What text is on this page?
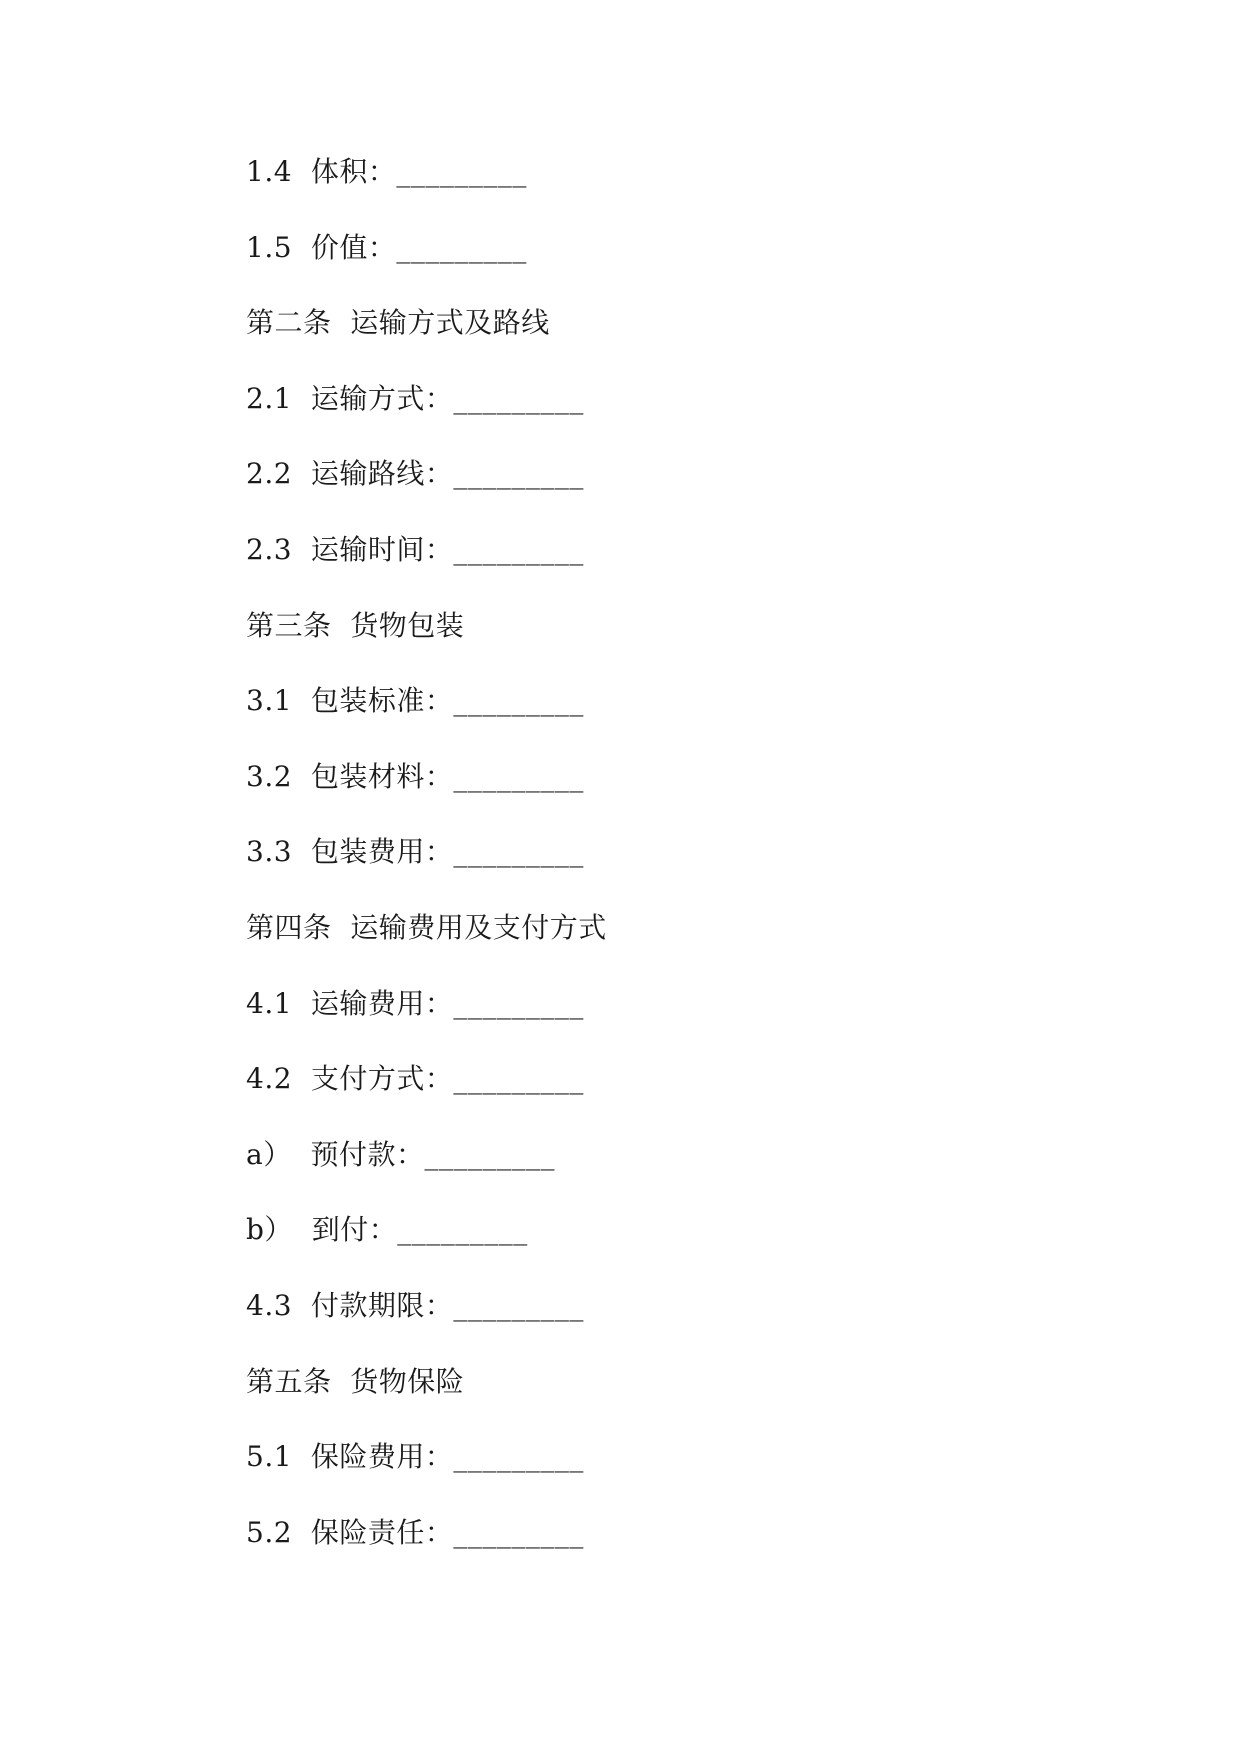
1.4  体积：_________
1.5  价值：_________
第二条  运输方式及路线
2.1  运输方式：_________
2.2  运输路线：_________
2.3  运输时间：_________
第三条  货物包装
3.1  包装标准：_________
3.2  包装材料：_________
3.3  包装费用：_________
第四条  运输费用及支付方式
4.1  运输费用：_________
4.2  支付方式：_________
a）  预付款：_________
b）  到付：_________
4.3  付款期限：_________
第五条  货物保险
5.1  保险费用：_________
5.2  保险责任：_________
